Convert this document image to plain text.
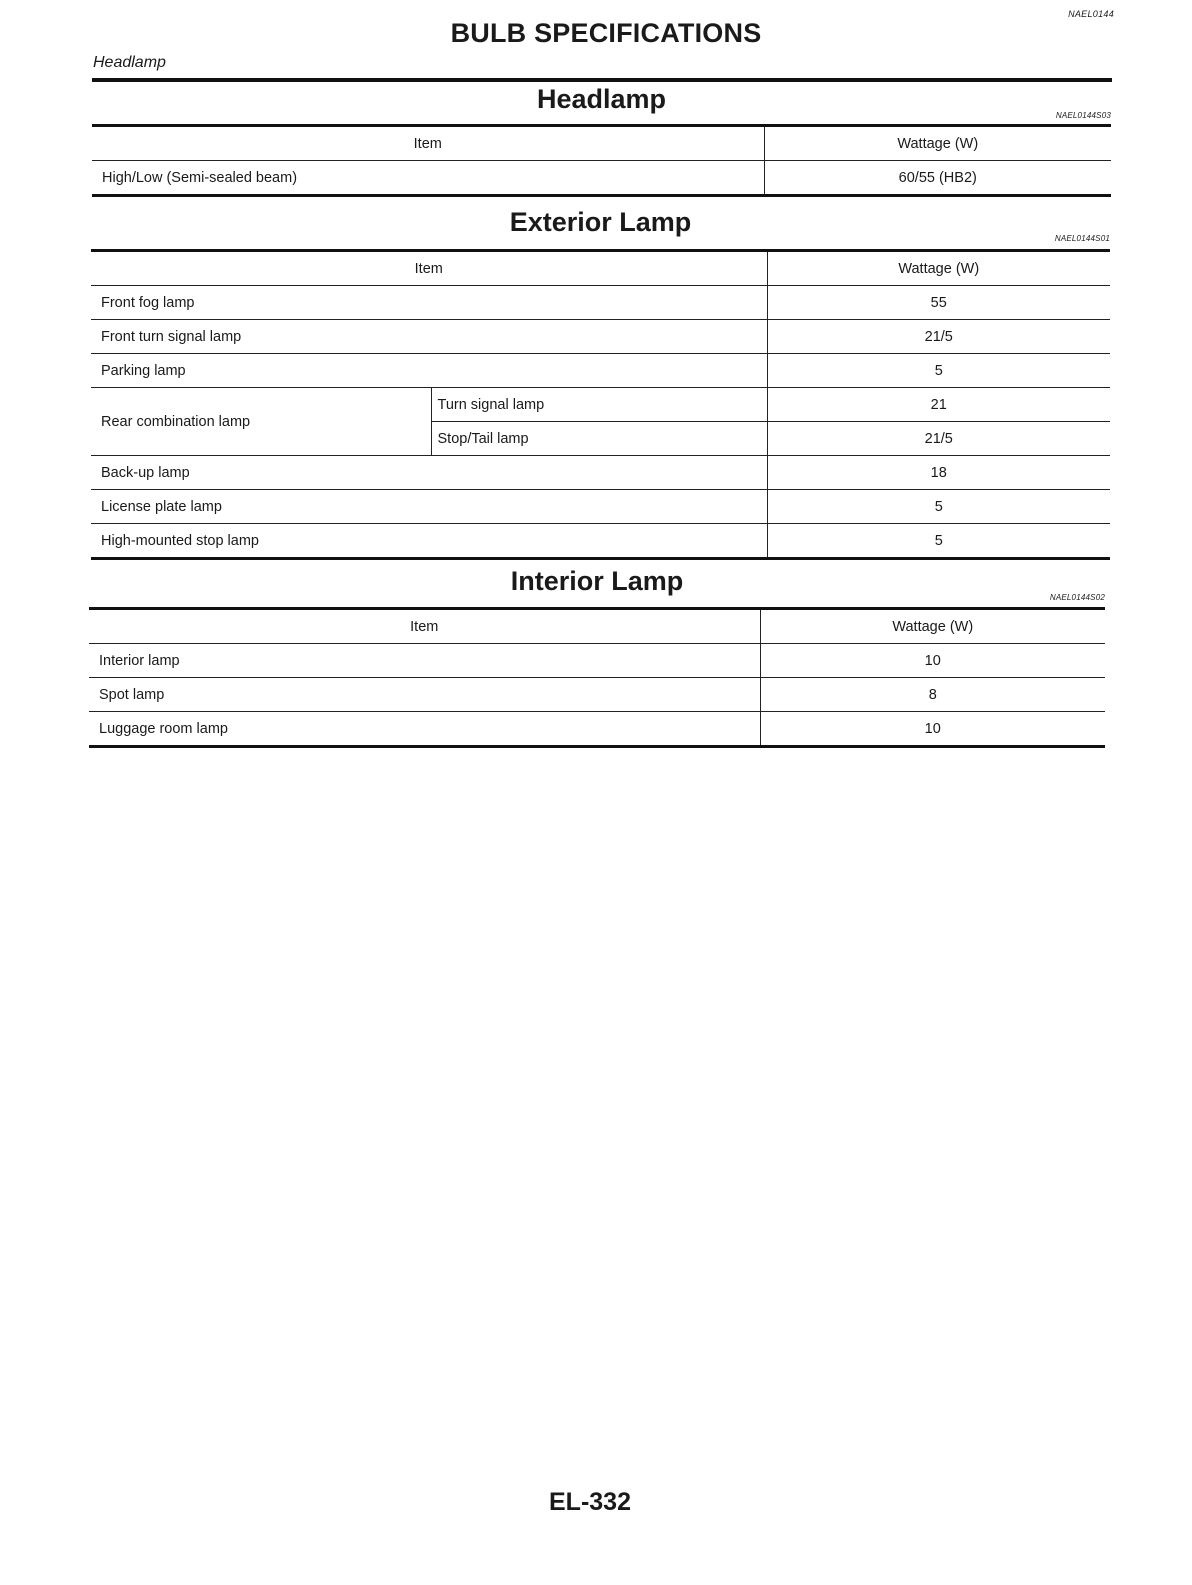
NAEL0144
BULB SPECIFICATIONS
Headlamp
Headlamp
NAEL0144S03
Item	Wattage (W)
High/Low (Semi-sealed beam)	60/55 (HB2)
Exterior Lamp
NAEL0144S01
Item		Wattage (W)
Front fog lamp		55
Front turn signal lamp		21/5
Parking lamp		5
Rear combination lamp	Turn signal lamp	21
	Stop/Tail lamp	21/5
Back-up lamp		18
License plate lamp		5
High-mounted stop lamp		5
Interior Lamp
NAEL0144S02
Item	Wattage (W)
Interior lamp	10
Spot lamp	8
Luggage room lamp	10
EL-332
